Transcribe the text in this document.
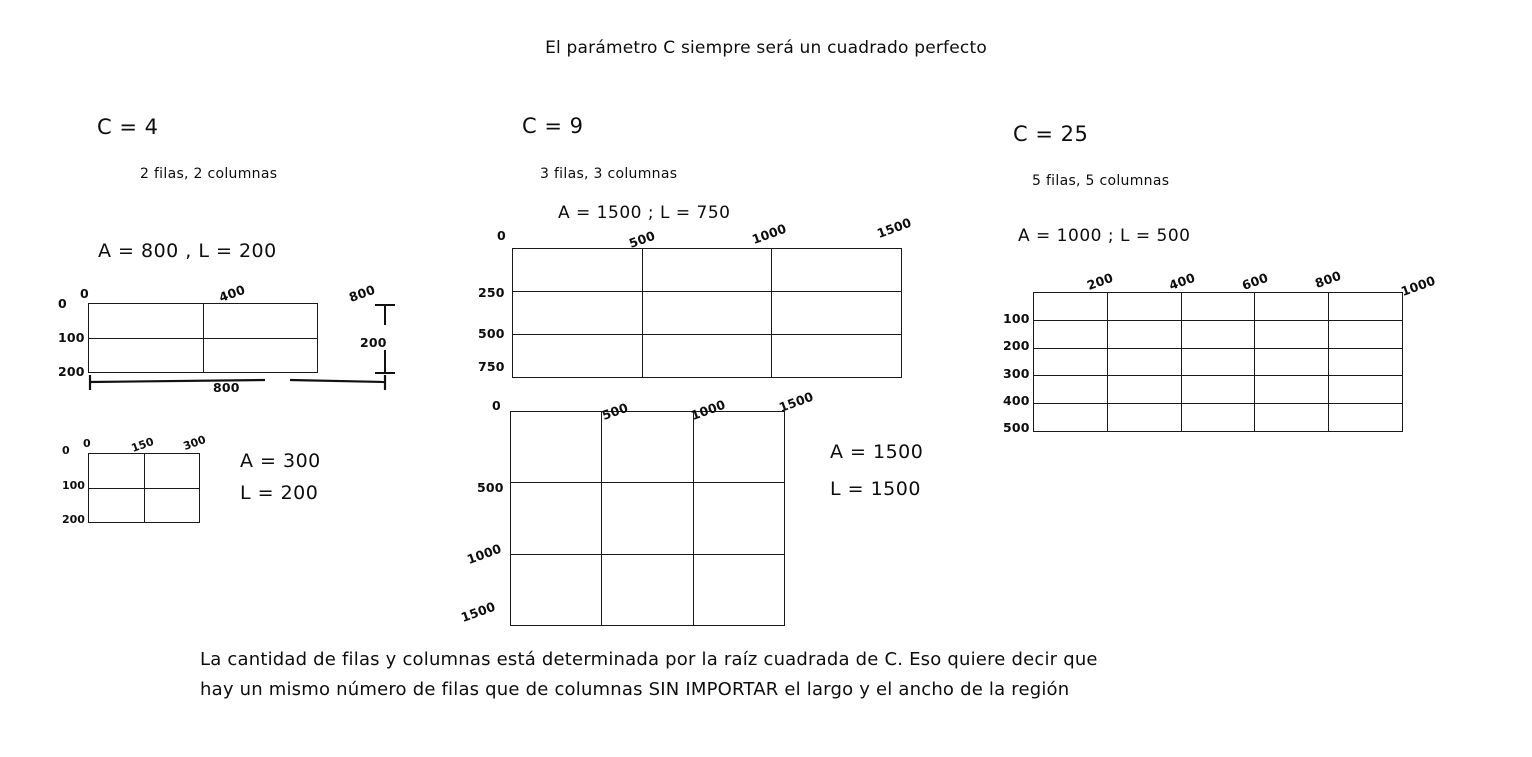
El parámetro C siempre será un cuadrado perfecto
C = 4
2 filas, 2 columnas
A = 800 , L = 200

0	400	800
0
100
200
800
200

0	150 300
0
100
200
A = 300
L = 200
C = 9
3 filas, 3 columnas
A = 1500 ; L = 750

0	500	1000	1500
250
500
750

0	500	1000	1500
500
1000
1500
A = 1500
L = 1500
C = 25
5 filas, 5 columnas
A = 1000 ; L = 500

200	400	600	800	1000
100
200
300
400
500
La cantidad de filas y columnas está determinada por la raíz cuadrada de C. Eso quiere decir que
hay un mismo número de filas que de columnas SIN IMPORTAR el largo y el ancho de la región
